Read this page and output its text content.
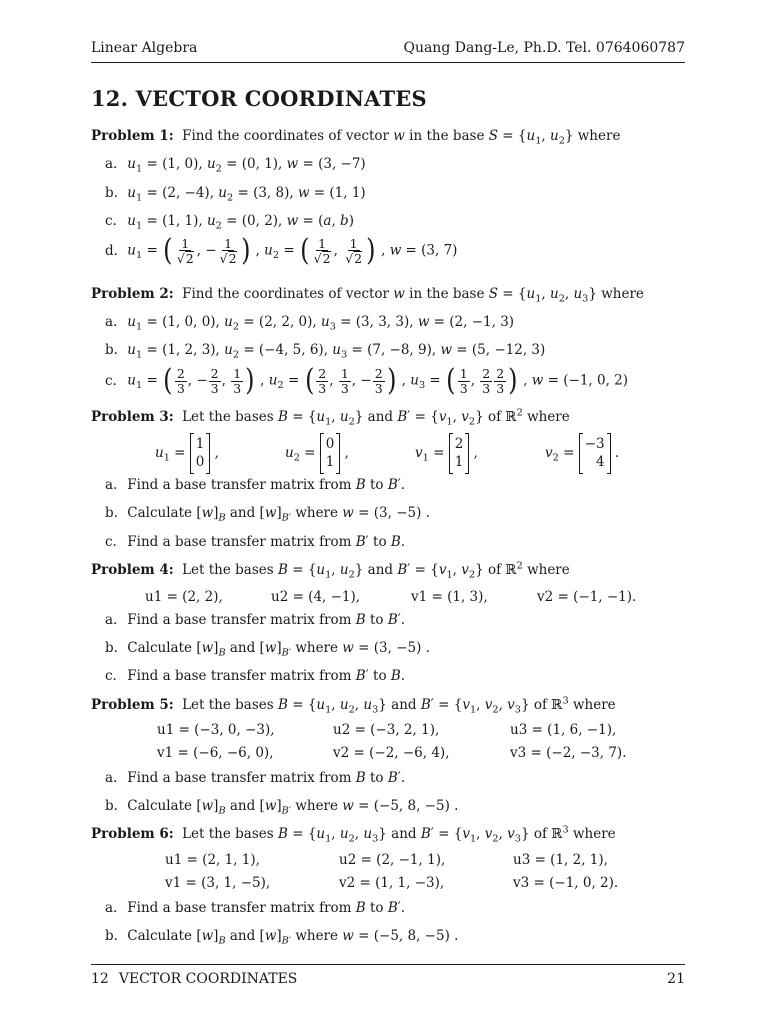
Linear Algebra	Quang Dang-Le, Ph.D. Tel. 0764060787
12. VECTOR COORDINATES
Problem 1: Find the coordinates of vector w in the base $S = \{u_1$, $u_2$} where
a. $u_1 = (1$, 0), $u_2 = (0$, 1), w = (3, −7)
b. $u_1 = (2$, −4), $u_2 = (3$, 8), w = (1, 1)
c. $u_1 = (1$, 1), $u_2 = (0$, 2), w = (a, b)
d. $u_1$ = ( $\frac{1}{√2}$ , − $\frac{1}{√2}$ ) , $u_2$ = ( $\frac{1}{√2}$ , $\frac{1}{√2}$ ) , w = (3, 7)
Problem 2: Find the coordinates of vector w in the base $S = \{u_1$, $u_2$, $u_3$} where
a. $u_1 = (1$, 0, 0), $u_2 = (2$, 2, 0), $u_3 = (3$, 3, 3), w = (2, −1, 3)
b. $u_1 = (1$, 2, 3), $u_2 = (-4$, 5, 6), $u_3 = (7$, −8, 9), w = (5, −12, 3)
c. $u_1$ = ( $\frac{2}{3}$ , − $\frac{2}{3}$ , $\frac{1}{3}$ ) , $u_2$ = ( $\frac{2}{3}$ , $\frac{1}{3}$ , − $\frac{2}{3}$ ) , $u_3$ = ( $\frac{1}{3}$ , $\frac{2}{3} \frac{2}{3}$ ) , w = (−1, 0, 2)
Problem 3: Let the bases $B = \{u_1$, $u_2$} and $B' = \{v_1$, $v_2$} of ℝ$^2$ where
$u_1$ =
1
0
,	$u_2$ =
0
1
,	$v_1$ =
2
1
,	$v_2$ =
−3
4
.
a. Find a base transfer matrix from B to B′.
b. Calculate $[w]_B$ and $[w]_{B'}$ where w = (3, −5) .
c. Find a base transfer matrix from B′ to B.
Problem 4: Let the bases $B = \{u_1$, $u_2$} and $B' = \{v_1$, $v_2$} of ℝ$^2$ where
u1 = (2, 2),	u2 = (4, −1),	v1 = (1, 3),	v2 = (−1, −1).
a. Find a base transfer matrix from B to B′.
b. Calculate $[w]_B$ and $[w]_{B'}$ where w = (3, −5) .
c. Find a base transfer matrix from B′ to B.
Problem 5: Let the bases $B = \{u_1$, $u_2$, $u_3$} and $B' = \{v_1$, $v_2$, $v_3$} of ℝ$^3$ where
u1 = (−3, 0, −3),	u2 = (−3, 2, 1),	u3 = (1, 6, −1),
v1 = (−6, −6, 0),	v2 = (−2, −6, 4),	v3 = (−2, −3, 7).
a. Find a base transfer matrix from B to B′.
b. Calculate $[w]_B$ and $[w]_{B'}$ where w = (−5, 8, −5) .
Problem 6: Let the bases $B = \{u_1$, $u_2$, $u_3$} and $B' = \{v_1$, $v_2$, $v_3$} of ℝ$^3$ where
u1 = (2, 1, 1),	u2 = (2, −1, 1),	u3 = (1, 2, 1),
v1 = (3, 1, −5),	v2 = (1, 1, −3),	v3 = (−1, 0, 2).
a. Find a base transfer matrix from B to B′.
b. Calculate $[w]_B$ and $[w]_{B'}$ where w = (−5, 8, −5) .
12 VECTOR COORDINATES	21
